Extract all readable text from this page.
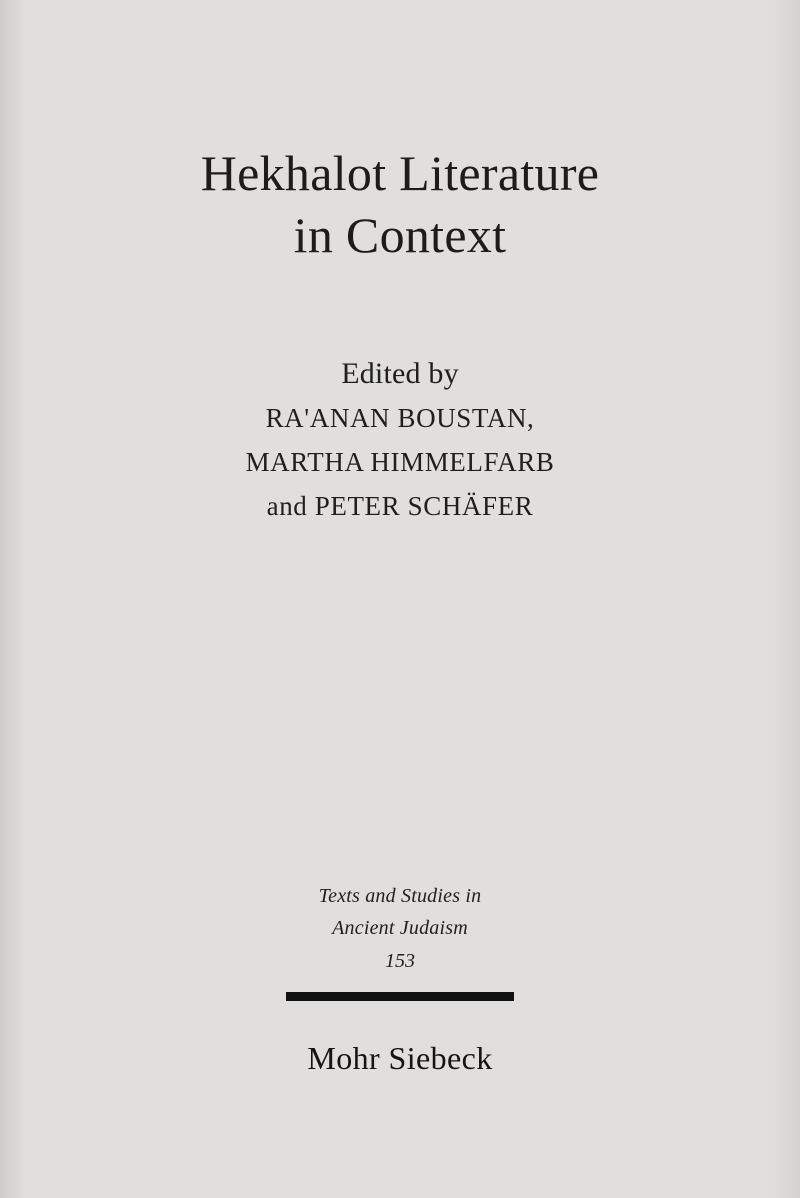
Hekhalot Literature
in Context
Edited by
RA'ANAN BOUSTAN,
MARTHA HIMMELFARB
and PETER SCHÄFER
Texts and Studies in
Ancient Judaism
153
Mohr Siebeck
